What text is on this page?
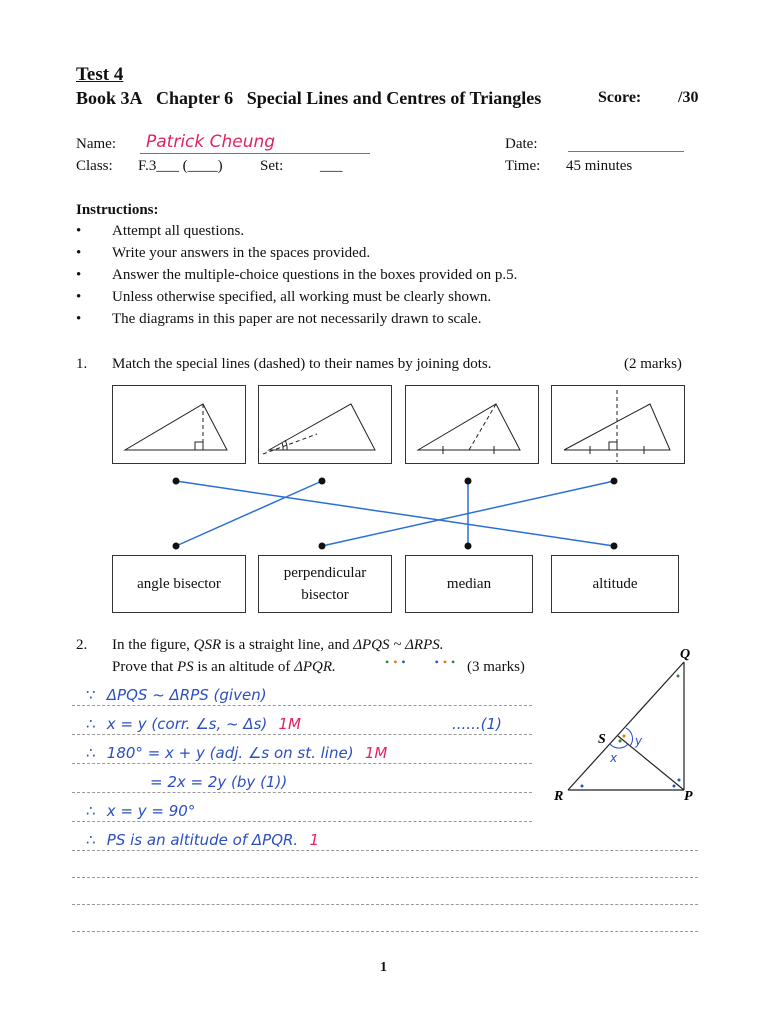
Test 4
Book 3A Chapter 6 Special Lines and Centres of Triangles	Score: /30
Name: Patrick Cheung
Class: F.3___ (____) Set: ___
Date:
Time: 45 minutes
Instructions:
• Attempt all questions.
• Write your answers in the spaces provided.
• Answer the multiple-choice questions in the boxes provided on p.5.
• Unless otherwise specified, all working must be clearly shown.
• The diagrams in this paper are not necessarily drawn to scale.
1. Match the special lines (dashed) to their names by joining dots.	(2 marks)
angle bisector
perpendicular
bisector
median	altitude
2. In the figure, QSR is a straight line, and ΔPQS ~ ΔRPS.
••• •••
Prove that PS is an altitude of ΔPQR.	(3 marks)
Q
S
R	P
y
x
∵ ΔPQS ~ ΔRPS (given)
∴ x = y (corr. ∠s, ~ Δs) 1M	......(1)
∴ 180° = x + y (adj. ∠s on st. line) 1M
= 2x = 2y (by (1))
∴ x = y = 90°
∴ PS is an altitude of ΔPQR. 1
1
